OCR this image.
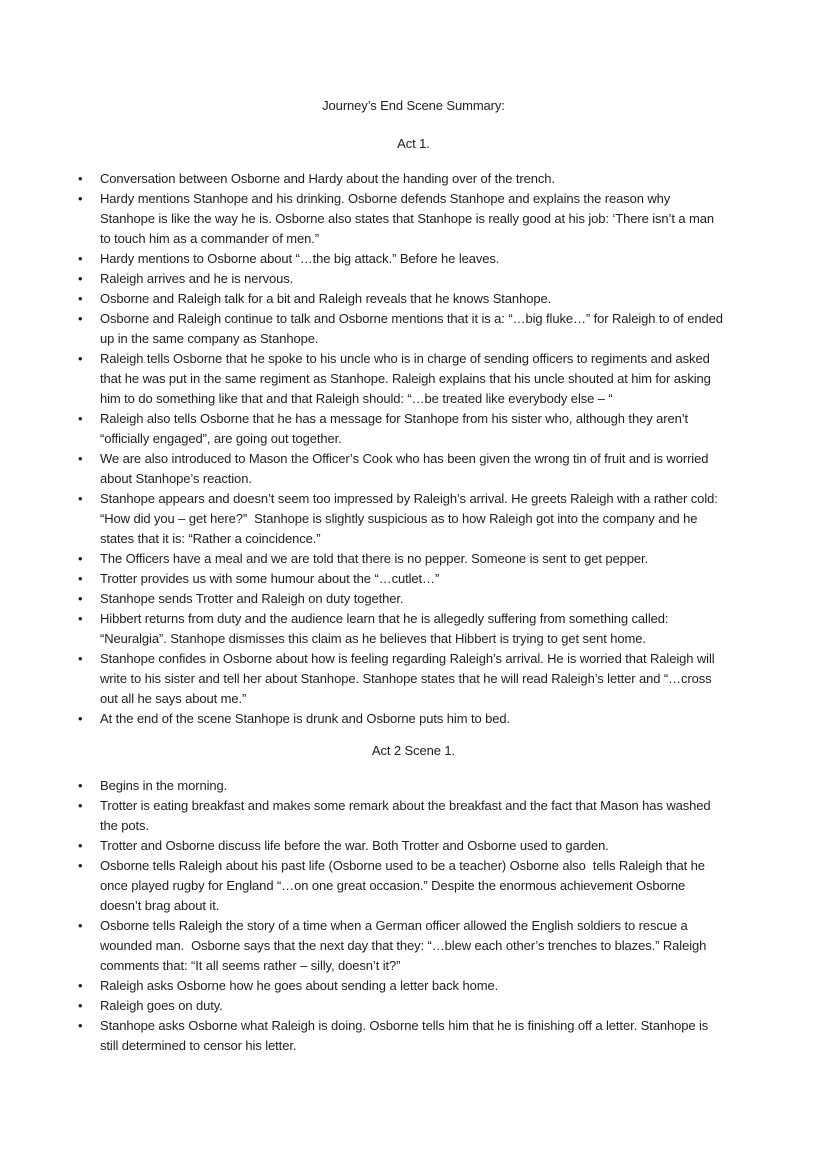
Journey’s End Scene Summary:

Act 1.

• Conversation between Osborne and Hardy about the handing over of the trench.
• Hardy mentions Stanhope and his drinking. Osborne defends Stanhope and explains the reason why Stanhope is like the way he is. Osborne also states that Stanhope is really good at his job: ‘There isn’t a man to touch him as a commander of men.”
• Hardy mentions to Osborne about “…the big attack.” Before he leaves.
• Raleigh arrives and he is nervous.
• Osborne and Raleigh talk for a bit and Raleigh reveals that he knows Stanhope.
• Osborne and Raleigh continue to talk and Osborne mentions that it is a: “…big fluke…” for Raleigh to of ended up in the same company as Stanhope.
• Raleigh tells Osborne that he spoke to his uncle who is in charge of sending officers to regiments and asked that he was put in the same regiment as Stanhope. Raleigh explains that his uncle shouted at him for asking him to do something like that and that Raleigh should: “…be treated like everybody else – “
• Raleigh also tells Osborne that he has a message for Stanhope from his sister who, although they aren’t “officially engaged”, are going out together.
• We are also introduced to Mason the Officer’s Cook who has been given the wrong tin of fruit and is worried about Stanhope’s reaction.
• Stanhope appears and doesn’t seem too impressed by Raleigh’s arrival. He greets Raleigh with a rather cold: “How did you – get here?”  Stanhope is slightly suspicious as to how Raleigh got into the company and he states that it is: “Rather a coincidence.”
• The Officers have a meal and we are told that there is no pepper. Someone is sent to get pepper.
• Trotter provides us with some humour about the “…cutlet…”
• Stanhope sends Trotter and Raleigh on duty together.
• Hibbert returns from duty and the audience learn that he is allegedly suffering from something called: “Neuralgia”. Stanhope dismisses this claim as he believes that Hibbert is trying to get sent home.
• Stanhope confides in Osborne about how is feeling regarding Raleigh’s arrival. He is worried that Raleigh will write to his sister and tell her about Stanhope. Stanhope states that he will read Raleigh’s letter and “…cross out all he says about me.”
• At the end of the scene Stanhope is drunk and Osborne puts him to bed.

Act 2 Scene 1.

• Begins in the morning.
• Trotter is eating breakfast and makes some remark about the breakfast and the fact that Mason has washed the pots.
• Trotter and Osborne discuss life before the war. Both Trotter and Osborne used to garden.
• Osborne tells Raleigh about his past life (Osborne used to be a teacher) Osborne also  tells Raleigh that he once played rugby for England “…on one great occasion.” Despite the enormous achievement Osborne doesn’t brag about it.
• Osborne tells Raleigh the story of a time when a German officer allowed the English soldiers to rescue a wounded man.  Osborne says that the next day that they: “…blew each other’s trenches to blazes.” Raleigh comments that: “It all seems rather – silly, doesn’t it?”
• Raleigh asks Osborne how he goes about sending a letter back home.
• Raleigh goes on duty.
• Stanhope asks Osborne what Raleigh is doing. Osborne tells him that he is finishing off a letter. Stanhope is still determined to censor his letter.
